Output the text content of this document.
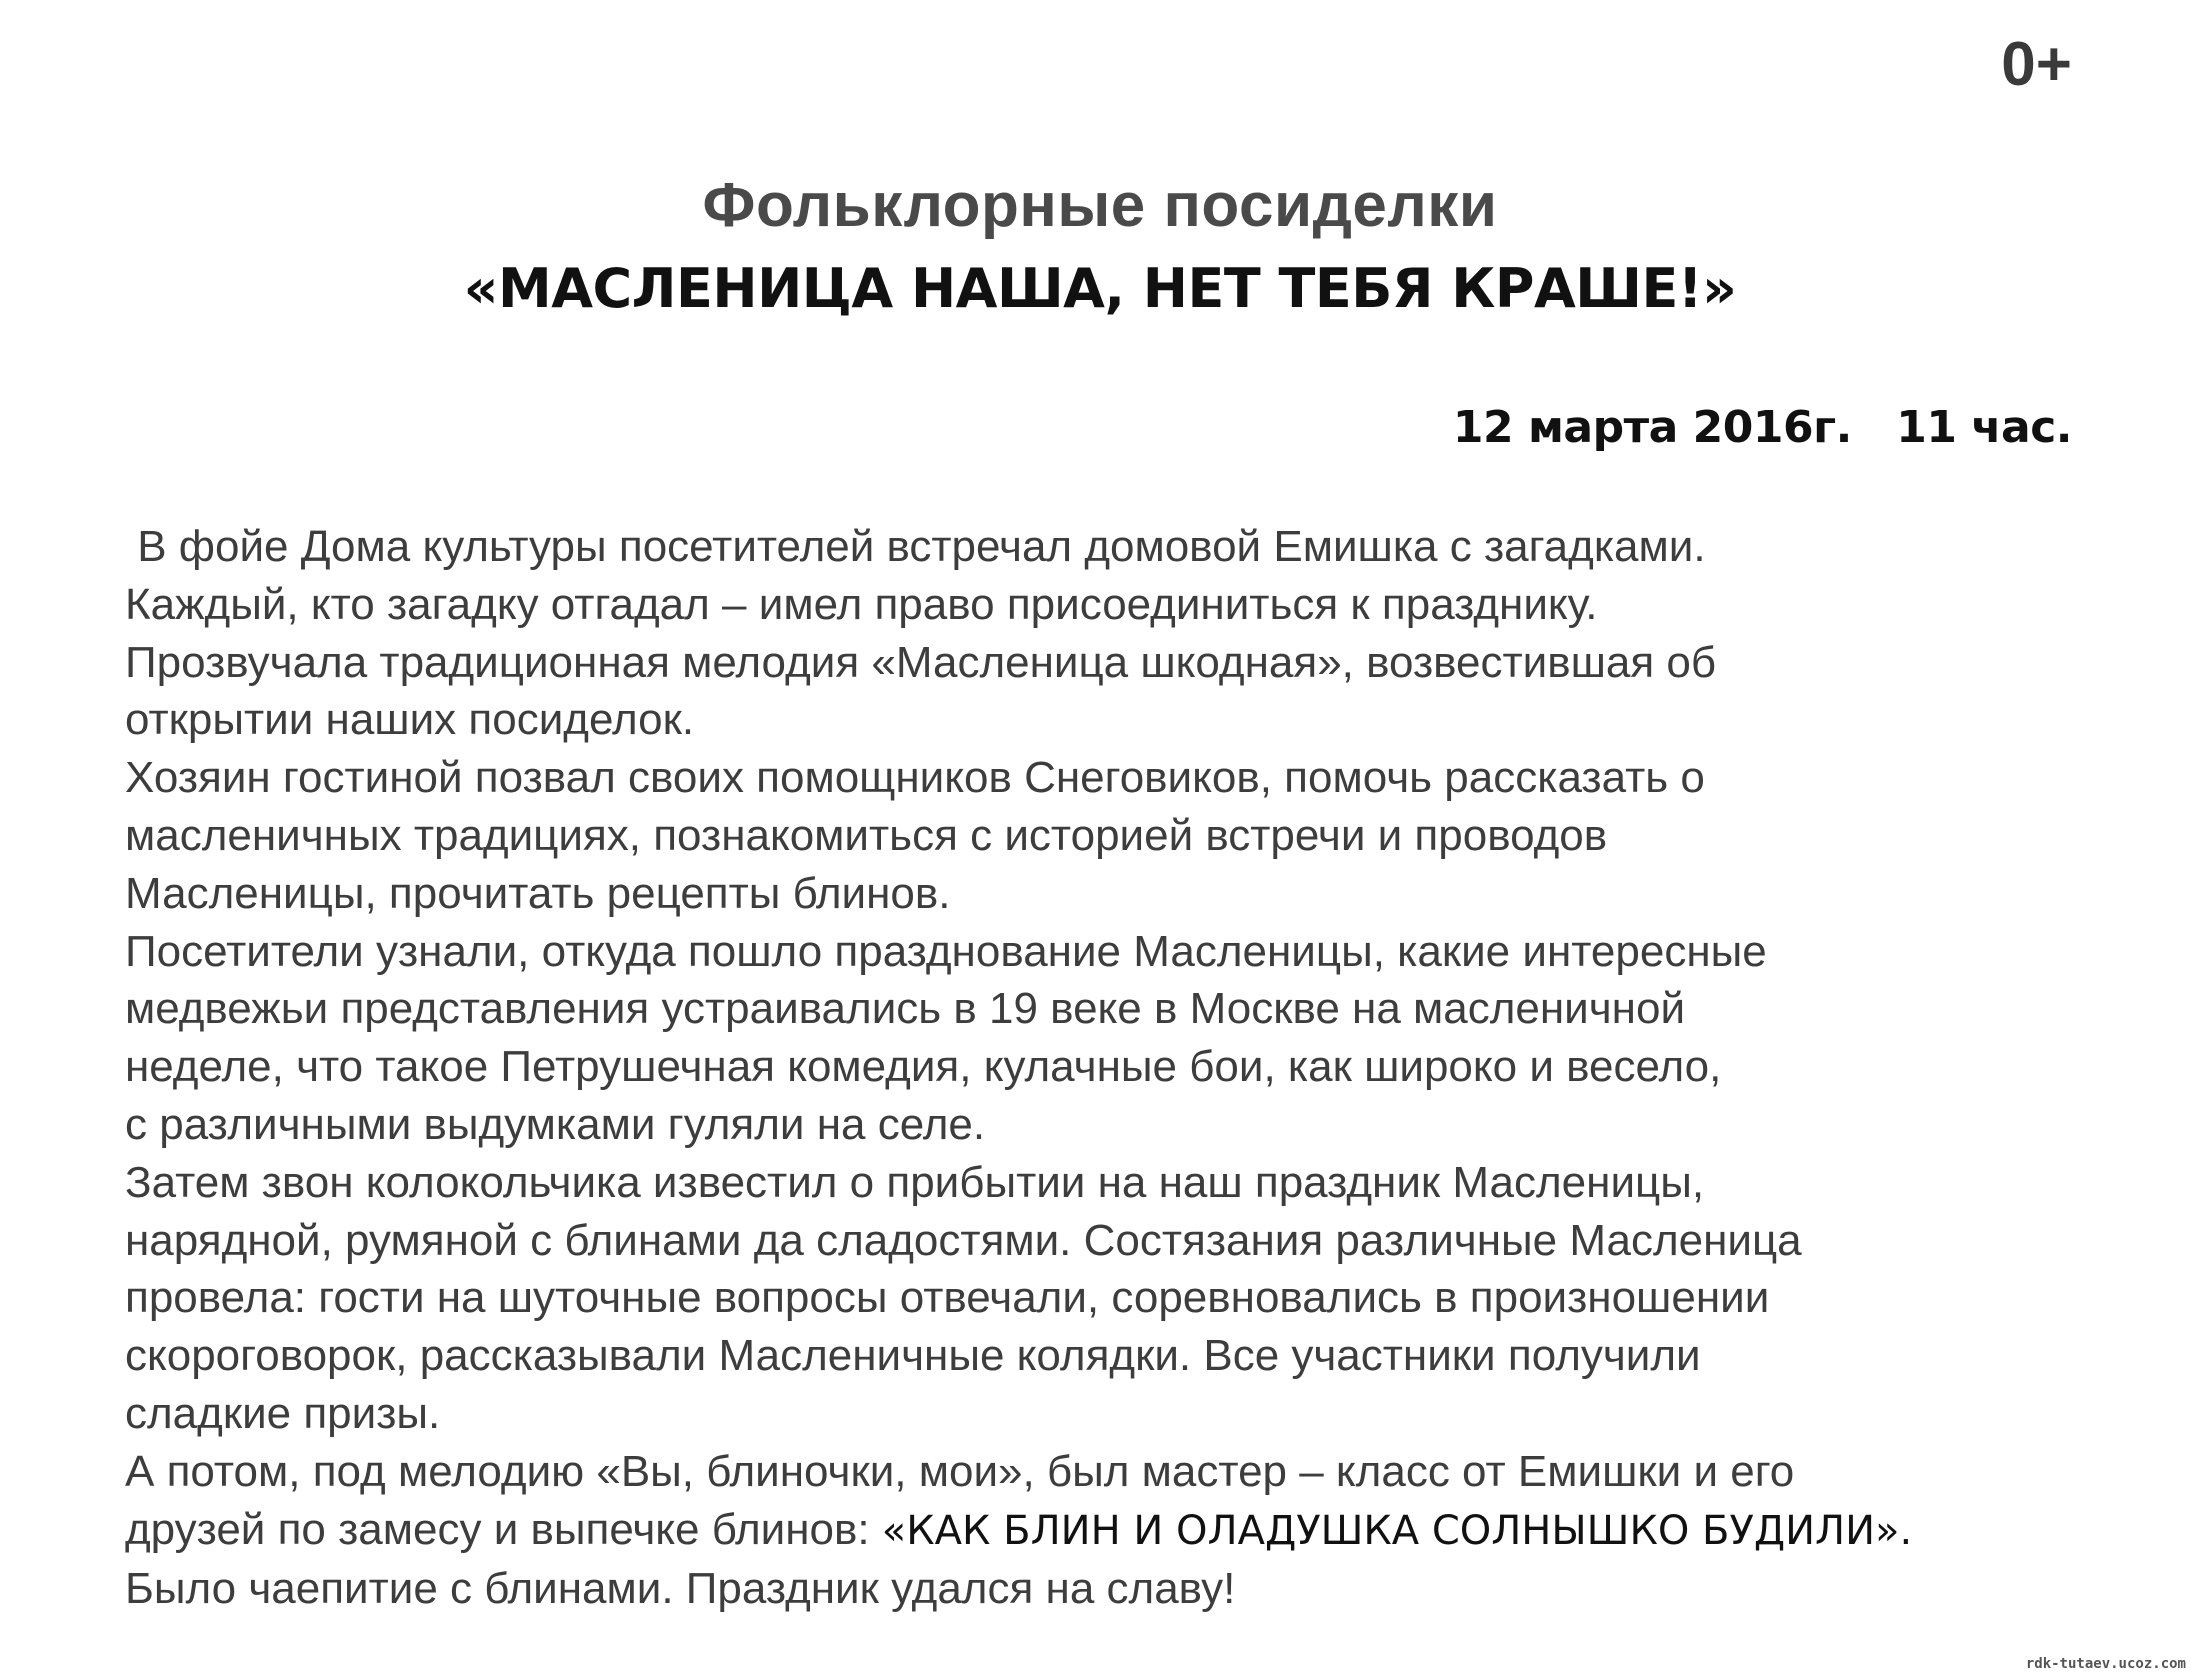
0+
Фольклорные посиделки
«МАСЛЕНИЦА НАША, НЕТ ТЕБЯ КРАШЕ!»
12 марта 2016г.   11 час.
В фойе Дома культуры посетителей встречал домовой Емишка с загадками.
Каждый, кто загадку отгадал – имел право присоединиться к празднику.
Прозвучала традиционная мелодия «Масленица шкодная», возвестившая об
открытии наших посиделок.
Хозяин гостиной позвал своих помощников Снеговиков, помочь рассказать о
масленичных традициях, познакомиться с историей встречи и проводов
Масленицы, прочитать рецепты блинов.
Посетители узнали, откуда пошло празднование Масленицы, какие интересные
медвежьи представления устраивались в 19 веке в Москве на масленичной
неделе, что такое Петрушечная комедия, кулачные бои, как широко и весело,
с различными выдумками гуляли на селе.
Затем звон колокольчика известил о прибытии на наш праздник Масленицы,
нарядной, румяной с блинами да сладостями. Состязания различные Масленица
провела: гости на шуточные вопросы отвечали, соревновались в произношении
скороговорок, рассказывали Масленичные колядки. Все участники получили
сладкие призы.
А потом, под мелодию «Вы, блиночки, мои», был мастер – класс от Емишки и его
друзей по замесу и выпечке блинов: «КАК БЛИН И ОЛАДУШКА СОЛНЫШКО БУДИЛИ».
Было чаепитие с блинами. Праздник удался на славу!
rdk-tutaev.ucoz.com
